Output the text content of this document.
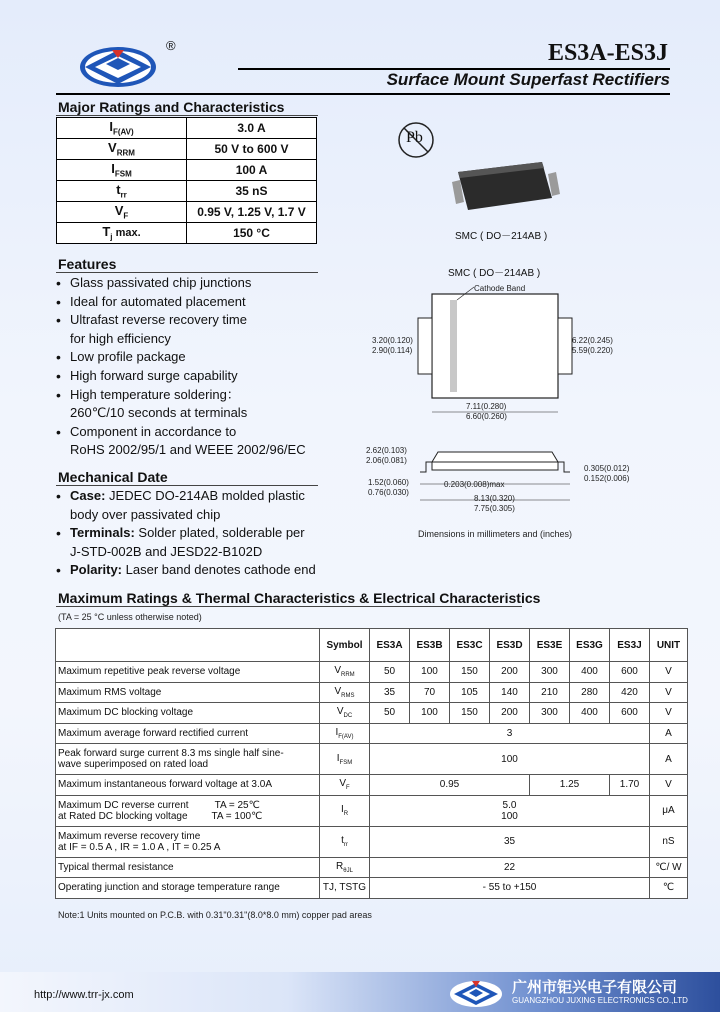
®	ES3A-ES3J
Surface Mount Superfast Rectifiers
Major Ratings and Characteristics
$I_{F(AV)}$	3.0 A
$V_{RRM}$	50 V to 600 V
$I_{FSM}$	100 A
$t_{rr}$	35 nS
$V_F$	0.95 V, 1.25 V, 1.7 V
$T_j$ max.	150 °C
Pb
SMC ( DO－214AB )
SMC ( DO－214AB )
Cathode Band
3.20(0.120)
2.90(0.114)
6.22(0.245)
5.59(0.220)
7.11(0.280)
6.60(0.260)
2.62(0.103)
2.06(0.081)
0.305(0.012)
0.152(0.006)
1.52(0.060)
0.76(0.030)
0.203(0.008)max
8.13(0.320)
7.75(0.305)
Dimensions in millimeters and (inches)
Features
• Glass passivated chip junctions
• Ideal for automated placement
• Ultrafast reverse recovery time
for high efficiency
• Low profile package
• High forward surge capability
• High temperature soldering：
260℃/10 seconds at terminals
• Component in accordance to
RoHS 2002/95/1 and WEEE 2002/96/EC
Mechanical Date
• Case: JEDEC DO-214AB molded plastic
body over passivated chip
• Terminals: Solder plated, solderable per
J-STD-002B and JESD22-B102D
• Polarity: Laser band denotes cathode end
Maximum Ratings & Thermal Characteristics & Electrical Characteristics
(TA = 25 °C unless otherwise noted)
	Symbol	ES3A	ES3B	ES3C	ES3D	ES3E	ES3G	ES3J	UNIT
Maximum repetitive peak reverse voltage	$V_{RRM}$	50	100	150	200	300	400	600	V
Maximum RMS voltage	$V_{RMS}$	35	70	105	140	210	280	420	V
Maximum DC blocking voltage	$V_{DC}$	50	100	150	200	300	400	600	V
Maximum average forward rectified current	$I_{F(AV)}$	3							A
Peak forward surge current 8.3 ms single half sine-
wave superimposed on rated load	$I_{FSM}$	100							A
Maximum instantaneous forward voltage at 3.0A	$V_F$	0.95				1.25		1.70	V
Maximum DC reverse current TA = 25℃
at Rated DC blocking voltage TA = 100℃	$I_R$	5.0
100							μA
Maximum reverse recovery time
at IF = 0.5 A , IR = 1.0 A , IT = 0.25 A	$t_{rr}$	35							nS
Typical thermal resistance	$R_{\theta JL}$	22							℃/ W
Operating junction and storage temperature range	TJ, TSTG	- 55 to +150							℃
Note:1 Units mounted on P.C.B. with 0.31"0.31"(8.0*8.0 mm) copper pad areas
http://www.trr-jx.com	广州市钜兴电子有限公司
GUANGZHOU JUXING ELECTRONICS CO.,LTD
